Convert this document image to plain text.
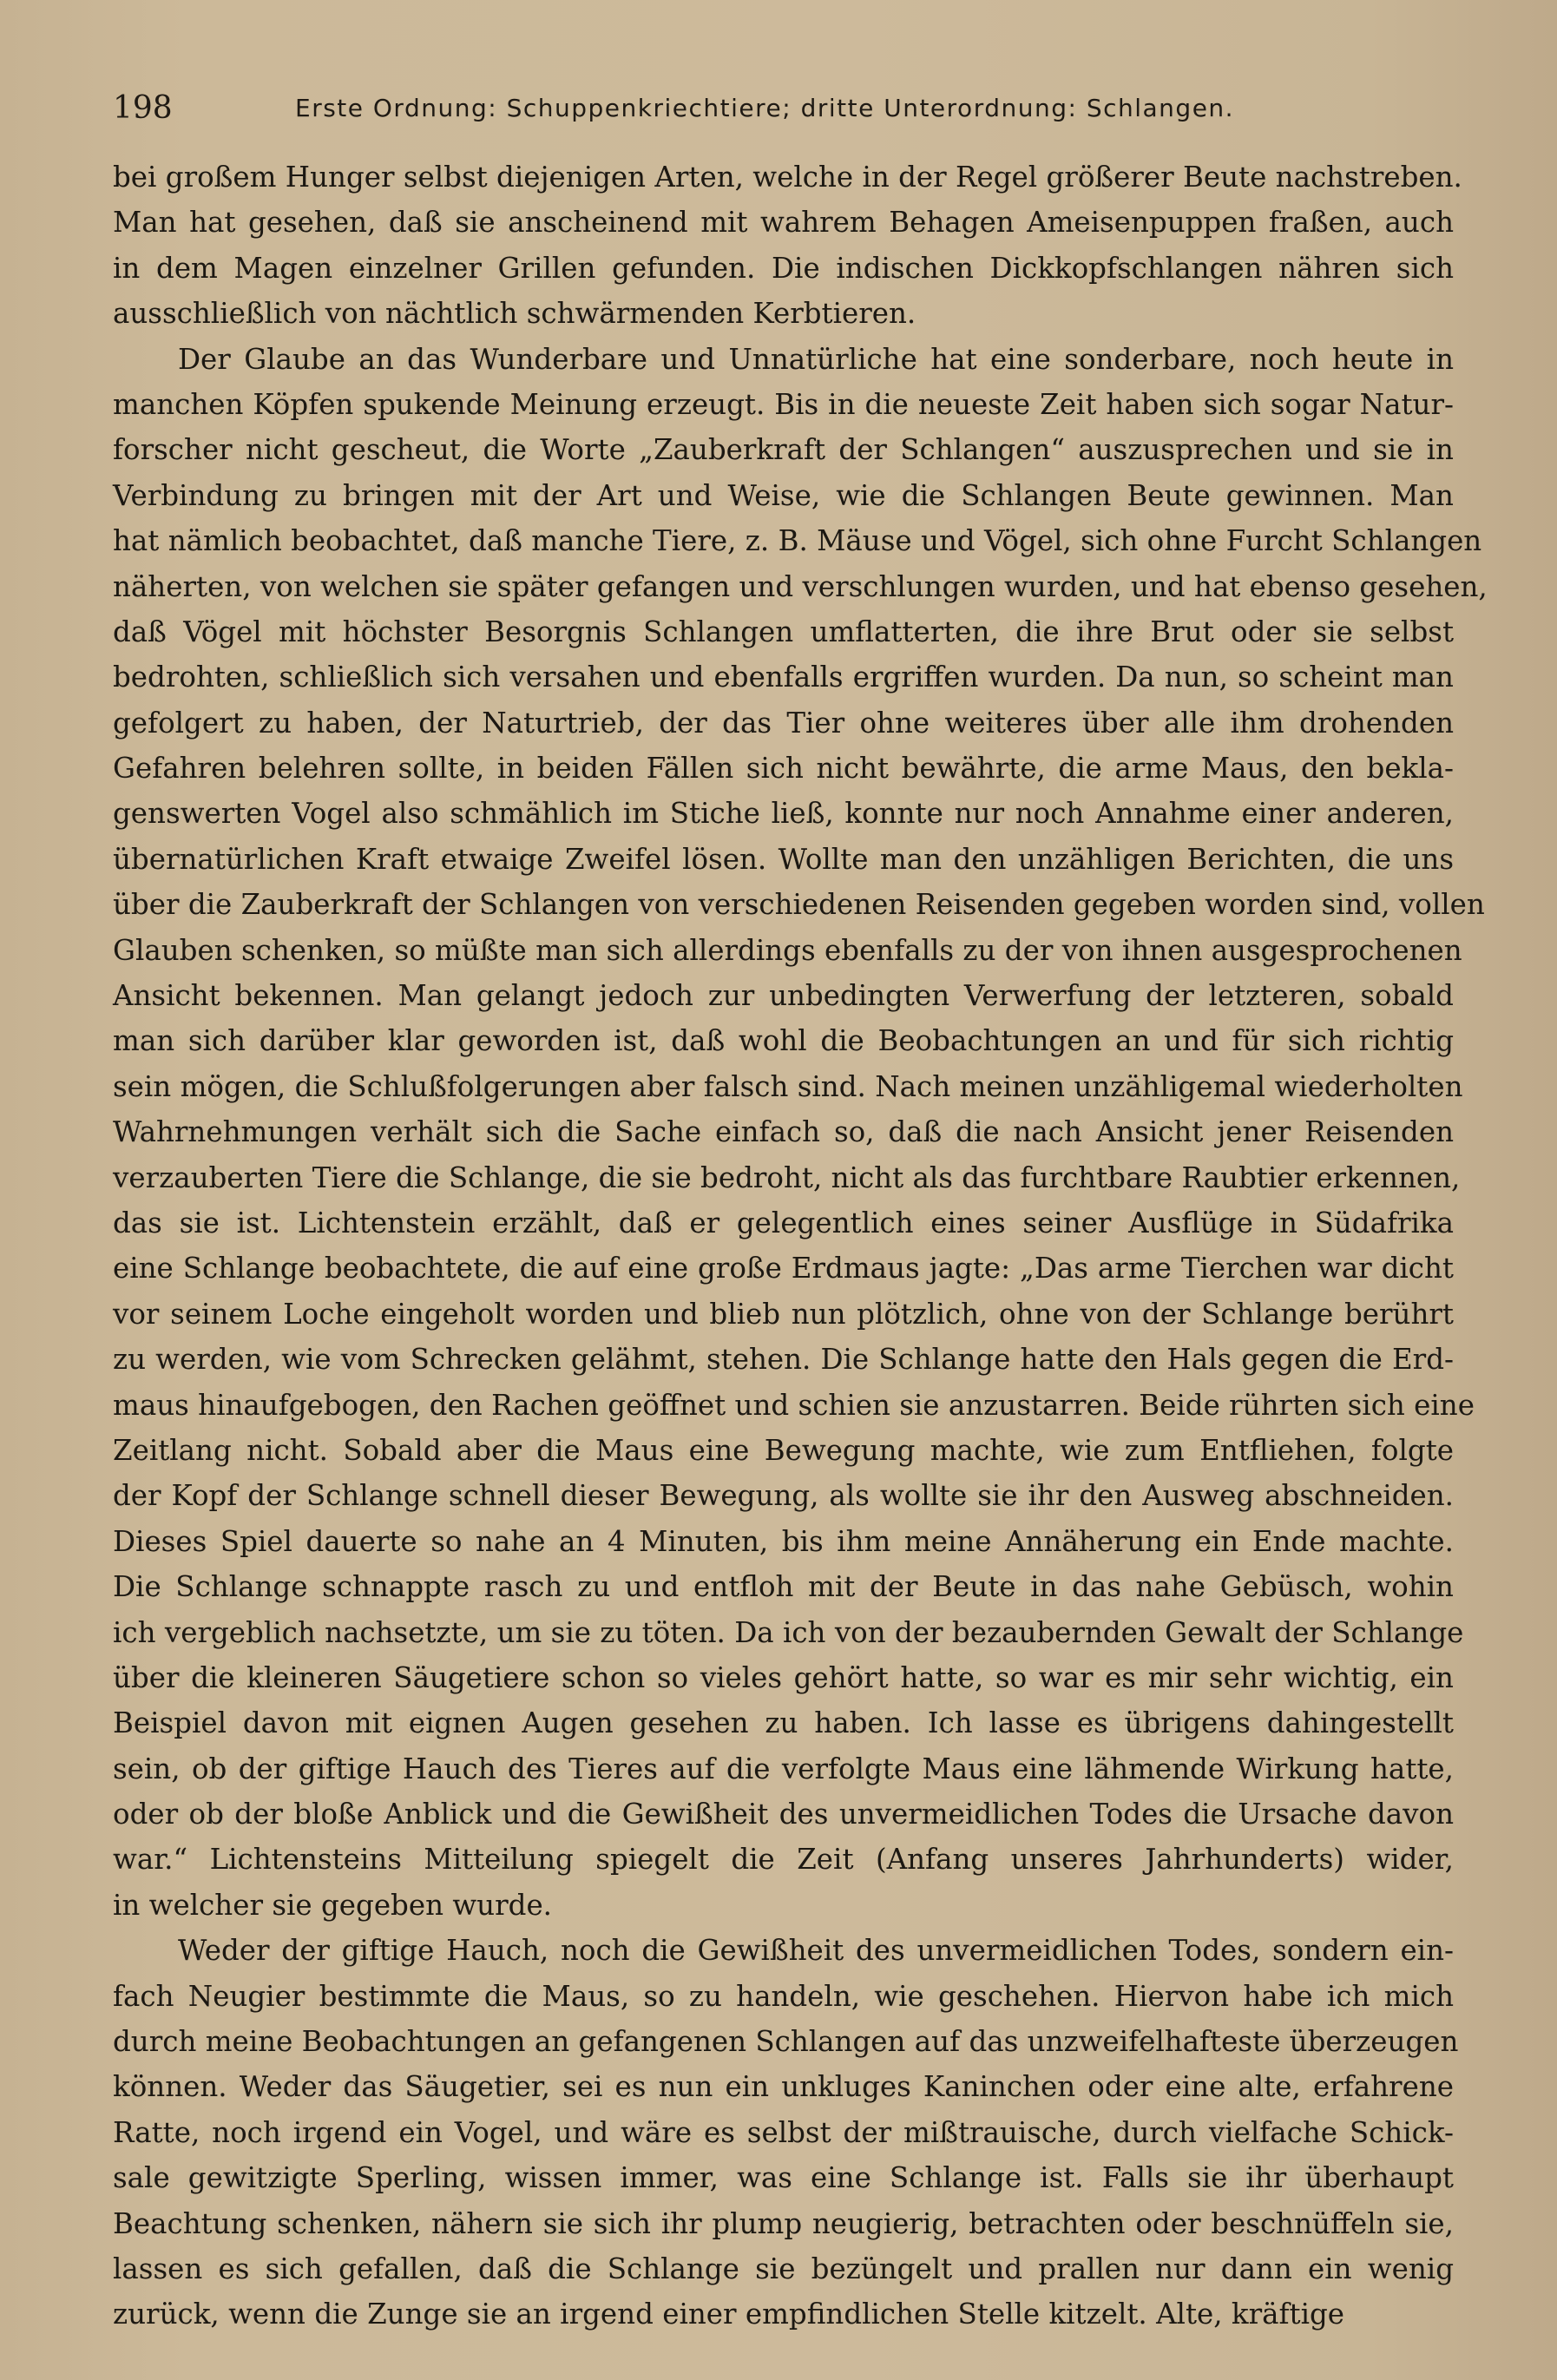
198	Erste Ordnung: Schuppenkriechtiere; dritte Unterordnung: Schlangen.
bei großem Hunger selbst diejenigen Arten, welche in der Regel größerer Beute nachstreben.
Man hat gesehen, daß sie anscheinend mit wahrem Behagen Ameisenpuppen fraßen, auch
in dem Magen einzelner Grillen gefunden. Die indischen Dickkopfschlangen nähren sich
ausschließlich von nächtlich schwärmenden Kerbtieren.
Der Glaube an das Wunderbare und Unnatürliche hat eine sonderbare, noch heute in
manchen Köpfen spukende Meinung erzeugt. Bis in die neueste Zeit haben sich sogar Natur-
forscher nicht gescheut, die Worte „Zauberkraft der Schlangen“ auszusprechen und sie in
Verbindung zu bringen mit der Art und Weise, wie die Schlangen Beute gewinnen. Man
hat nämlich beobachtet, daß manche Tiere, z. B. Mäuse und Vögel, sich ohne Furcht Schlangen
näherten, von welchen sie später gefangen und verschlungen wurden, und hat ebenso gesehen,
daß Vögel mit höchster Besorgnis Schlangen umflatterten, die ihre Brut oder sie selbst
bedrohten, schließlich sich versahen und ebenfalls ergriffen wurden. Da nun, so scheint man
gefolgert zu haben, der Naturtrieb, der das Tier ohne weiteres über alle ihm drohenden
Gefahren belehren sollte, in beiden Fällen sich nicht bewährte, die arme Maus, den bekla-
genswerten Vogel also schmählich im Stiche ließ, konnte nur noch Annahme einer anderen,
übernatürlichen Kraft etwaige Zweifel lösen. Wollte man den unzähligen Berichten, die uns
über die Zauberkraft der Schlangen von verschiedenen Reisenden gegeben worden sind, vollen
Glauben schenken, so müßte man sich allerdings ebenfalls zu der von ihnen ausgesprochenen
Ansicht bekennen. Man gelangt jedoch zur unbedingten Verwerfung der letzteren, sobald
man sich darüber klar geworden ist, daß wohl die Beobachtungen an und für sich richtig
sein mögen, die Schlußfolgerungen aber falsch sind. Nach meinen unzähligemal wiederholten
Wahrnehmungen verhält sich die Sache einfach so, daß die nach Ansicht jener Reisenden
verzauberten Tiere die Schlange, die sie bedroht, nicht als das furchtbare Raubtier erkennen,
das sie ist. Lichtenstein erzählt, daß er gelegentlich eines seiner Ausflüge in Südafrika
eine Schlange beobachtete, die auf eine große Erdmaus jagte: „Das arme Tierchen war dicht
vor seinem Loche eingeholt worden und blieb nun plötzlich, ohne von der Schlange berührt
zu werden, wie vom Schrecken gelähmt, stehen. Die Schlange hatte den Hals gegen die Erd-
maus hinaufgebogen, den Rachen geöffnet und schien sie anzustarren. Beide rührten sich eine
Zeitlang nicht. Sobald aber die Maus eine Bewegung machte, wie zum Entfliehen, folgte
der Kopf der Schlange schnell dieser Bewegung, als wollte sie ihr den Ausweg abschneiden.
Dieses Spiel dauerte so nahe an 4 Minuten, bis ihm meine Annäherung ein Ende machte.
Die Schlange schnappte rasch zu und entfloh mit der Beute in das nahe Gebüsch, wohin
ich vergeblich nachsetzte, um sie zu töten. Da ich von der bezaubernden Gewalt der Schlange
über die kleineren Säugetiere schon so vieles gehört hatte, so war es mir sehr wichtig, ein
Beispiel davon mit eignen Augen gesehen zu haben. Ich lasse es übrigens dahingestellt
sein, ob der giftige Hauch des Tieres auf die verfolgte Maus eine lähmende Wirkung hatte,
oder ob der bloße Anblick und die Gewißheit des unvermeidlichen Todes die Ursache davon
war.“ Lichtensteins Mitteilung spiegelt die Zeit (Anfang unseres Jahrhunderts) wider,
in welcher sie gegeben wurde.
Weder der giftige Hauch, noch die Gewißheit des unvermeidlichen Todes, sondern ein-
fach Neugier bestimmte die Maus, so zu handeln, wie geschehen. Hiervon habe ich mich
durch meine Beobachtungen an gefangenen Schlangen auf das unzweifelhafteste überzeugen
können. Weder das Säugetier, sei es nun ein unkluges Kaninchen oder eine alte, erfahrene
Ratte, noch irgend ein Vogel, und wäre es selbst der mißtrauische, durch vielfache Schick-
sale gewitzigte Sperling, wissen immer, was eine Schlange ist. Falls sie ihr überhaupt
Beachtung schenken, nähern sie sich ihr plump neugierig, betrachten oder beschnüffeln sie,
lassen es sich gefallen, daß die Schlange sie bezüngelt und prallen nur dann ein wenig
zurück, wenn die Zunge sie an irgend einer empfindlichen Stelle kitzelt. Alte, kräftige
